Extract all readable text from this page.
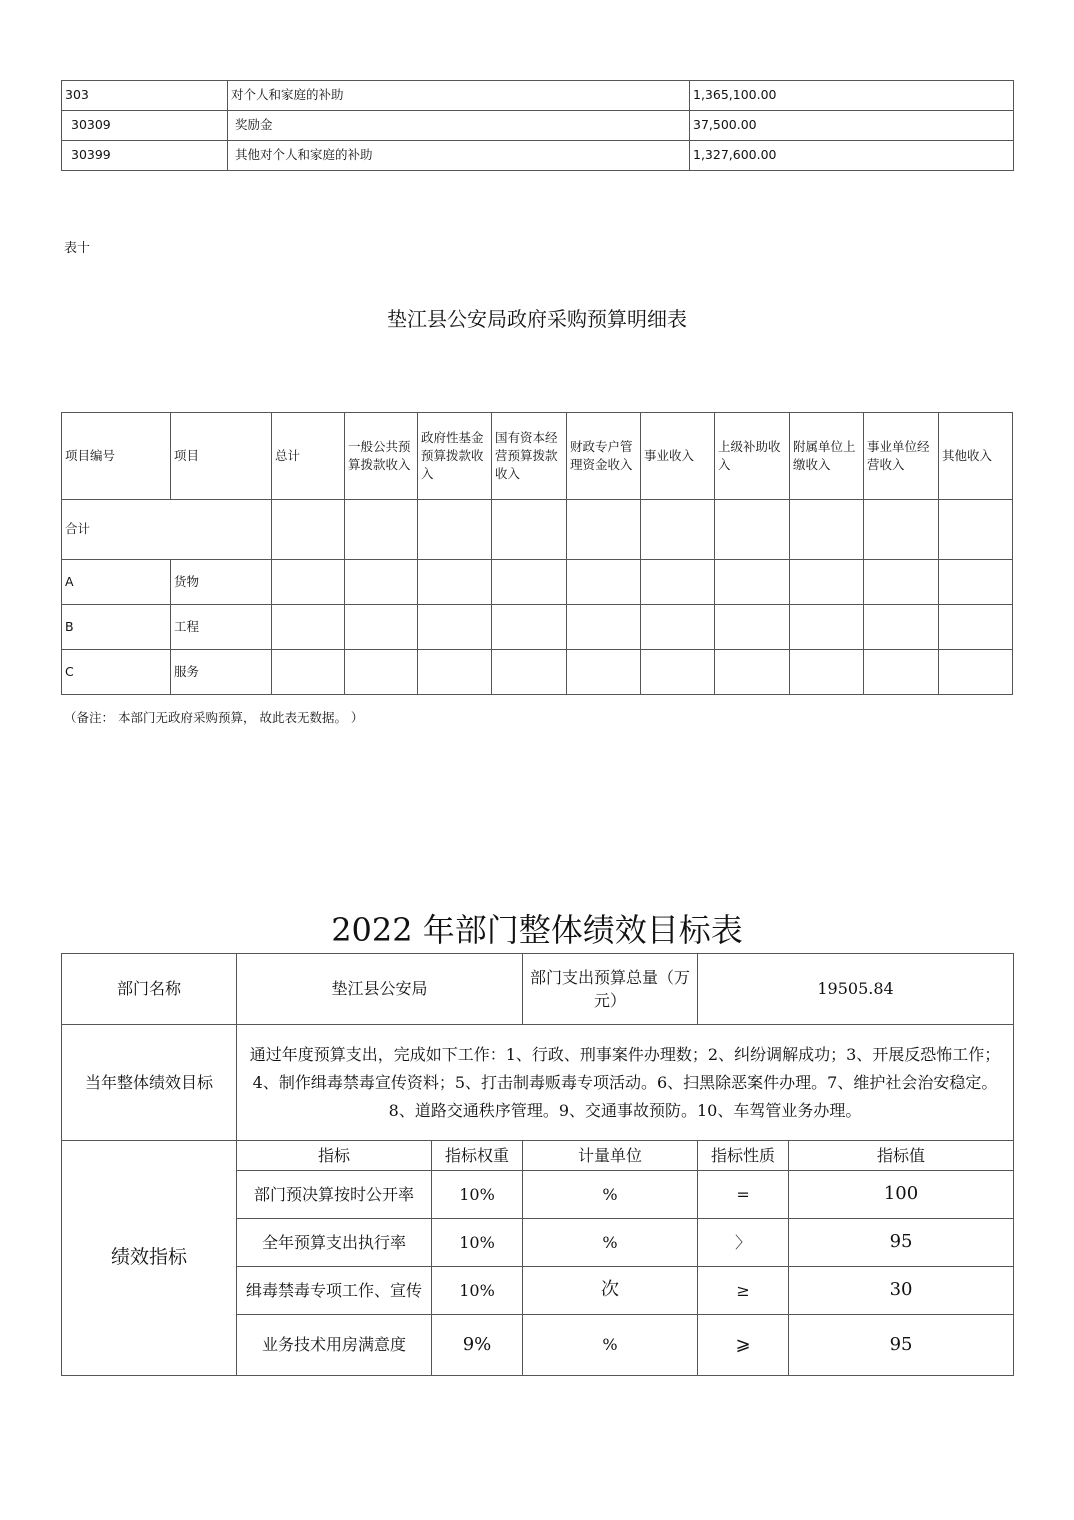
303	对个人和家庭的补助	1,365,100.00
30309	奖励金	37,500.00
30399	其他对个人和家庭的补助	1,327,600.00
表十
垫江县公安局政府采购预算明细表
项目编号	项目	总计	一般公共预算拨款收入	政府性基金预算拨款收入	国有资本经营预算拨款收入	财政专户管理资金收入	事业收入	上级补助收入	附属单位上缴收入	事业单位经营收入	其他收入
合计											
A	货物										
B	工程										
C	服务										
（备注： 本部门无政府采购预算， 故此表无数据。 ）
2022 年部门整体绩效目标表
部门名称	垫江县公安局		部门支出预算总量（万元）	19505.84	
当年整体绩效目标	通过年度预算支出，完成如下工作：1、行政、刑事案件办理数；2、纠纷调解成功；3、开展反恐怖工作；4、制作缉毒禁毒宣传资料；5、打击制毒贩毒专项活动。6、扫黑除恶案件办理。7、维护社会治安稳定。8、道路交通秩序管理。9、交通事故预防。10、车驾管业务办理。				
绩效指标	指标	指标权重	计量单位	指标性质	指标值
	部门预决算按时公开率	10%	%	=	100
	全年预算支出执行率	10%	%	〉	95
	缉毒禁毒专项工作、宣传	10%	次	≥	30
	业务技术用房满意度	9%	%	⩾	95
